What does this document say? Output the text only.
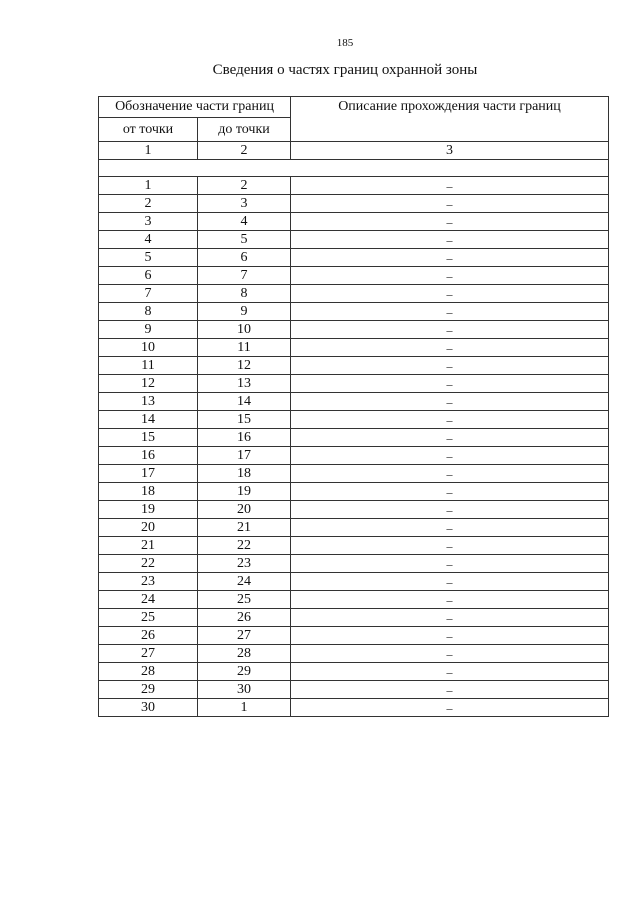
185
Сведения о частях границ охранной зоны
Обозначение части границ		Описание прохождения части границ
от точки	до точки	
1	2	3

1	2	–
2	3	–
3	4	–
4	5	–
5	6	–
6	7	–
7	8	–
8	9	–
9	10	–
10	11	–
11	12	–
12	13	–
13	14	–
14	15	–
15	16	–
16	17	–
17	18	–
18	19	–
19	20	–
20	21	–
21	22	–
22	23	–
23	24	–
24	25	–
25	26	–
26	27	–
27	28	–
28	29	–
29	30	–
30	1	–
